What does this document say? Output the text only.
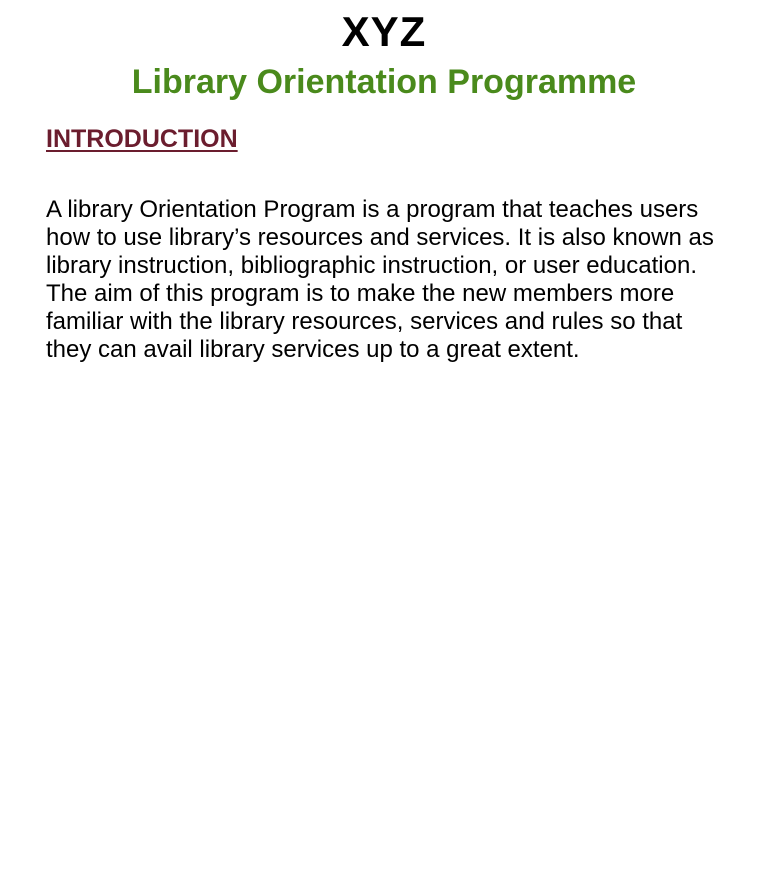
XYZ
Library Orientation Programme
INTRODUCTION

A library Orientation Program is a program that teaches users how to use library’s resources and services. It is also known as library instruction, bibliographic instruction, or user education. The aim of this program is to make the new members more familiar with the library resources, services and rules so that they can avail library services up to a great extent.
